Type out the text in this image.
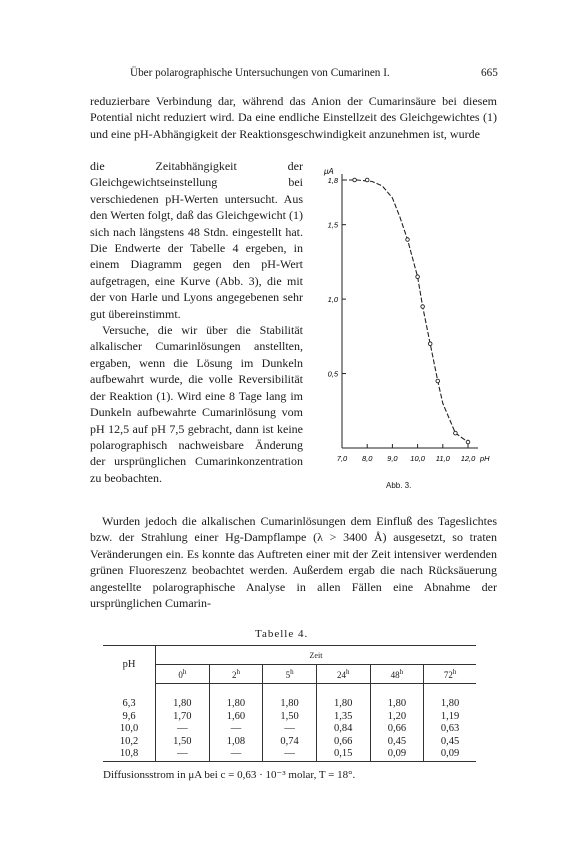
Über polarographische Untersuchungen von Cumarinen I.	665

reduzierbare Verbindung dar, während das Anion der Cumarinsäure bei diesem Potential nicht reduziert wird. Da eine endliche Einstellzeit des Gleichgewichtes (1) und eine pH-Abhängigkeit der Reaktionsgeschwindigkeit anzunehmen ist, wurde

die Zeitabhängigkeit der Gleichgewichtseinstellung bei verschiedenen pH-Werten untersucht. Aus den Werten folgt, daß das Gleichgewicht (1) sich nach längstens 48 Stdn. eingestellt hat. Die Endwerte der Tabelle 4 ergeben, in einem Diagramm gegen den pH-Wert aufgetragen, eine Kurve (Abb. 3), die mit der von Harle und Lyons angegebenen sehr gut übereinstimmt.

Versuche, die wir über die Stabilität alkalischer Cumarinlösungen anstellten, ergaben, wenn die Lösung im Dunkeln aufbewahrt wurde, die volle Reversibilität der Reaktion (1). Wird eine 8 Tage lang im Dunkeln aufbewahrte Cumarinlösung vom pH 12,5 auf pH 7,5 gebracht, dann ist keine polarographisch nachweisbare Änderung der ursprünglichen Cumarinkonzentration zu beobachten.

μA
7,0 8,0 9,0 10,0 11,0 12,0 pH
0,5
1,0
1,5
1,8
Abb. 3.

Wurden jedoch die alkalischen Cumarinlösungen dem Einfluß des Tageslichtes bzw. der Strahlung einer Hg-Dampflampe (λ > 3400 Å) ausgesetzt, so traten Veränderungen ein. Es konnte das Auftreten einer mit der Zeit intensiver werdenden grünen Fluoreszenz beobachtet werden. Außerdem ergab die nach Rücksäuerung angestellte polarographische Analyse in allen Fällen eine Abnahme der ursprünglichen Cumarin-

Tabelle 4.
pH	Zeit					
	0$^h$	2$^h$	5$^h$	24$^h$	48$^h$	72$^h$
6,3	1,80	1,80	1,80	1,80	1,80	1,80
9,6	1,70	1,60	1,50	1,35	1,20	1,19
10,0	—	—	—	0,84	0,66	0,63
10,2	1,50	1,08	0,74	0,66	0,45	0,45
10,8	—	—	—	0,15	0,09	0,09
Diffusionsstrom in μA bei c = 0,63 · 10⁻³ molar, T = 18°.
